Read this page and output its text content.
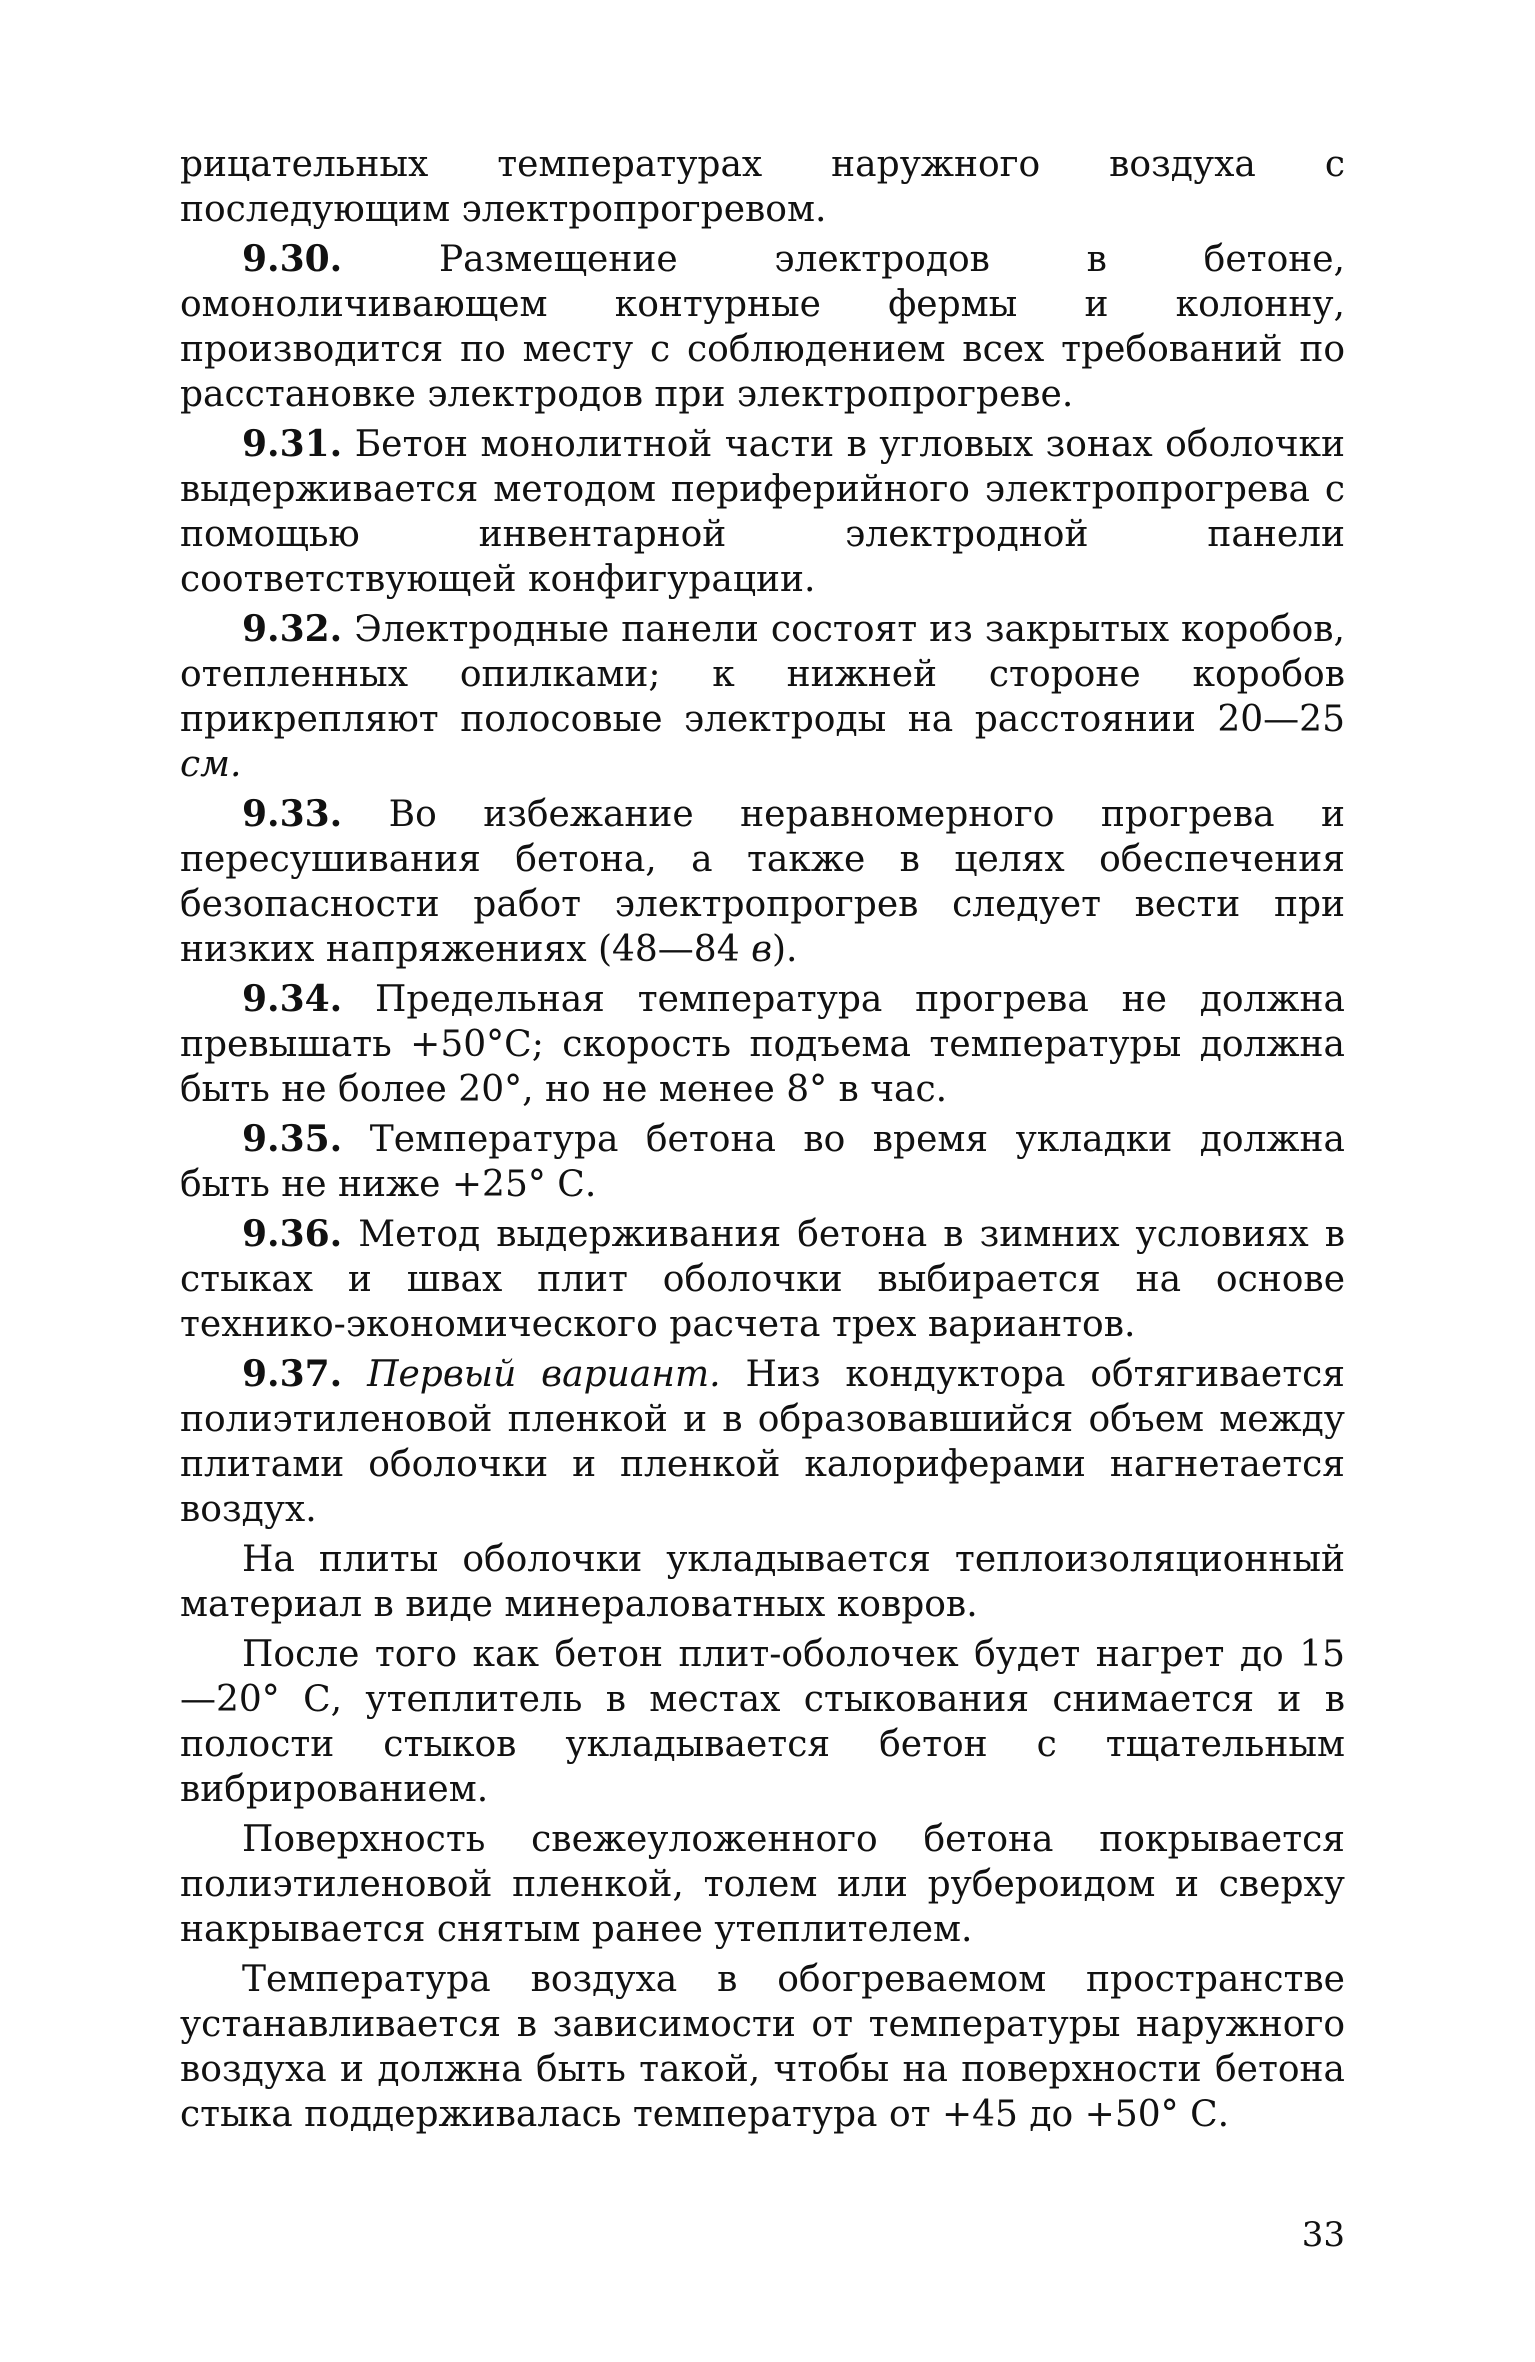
рицательных температурах наружного воздуха с последующим электропрогревом.

9.30.	Размещение электродов в бетоне, омоноличивающем контурные фермы и колонну, производится по месту с соблюдением всех требований по расстановке электродов при электропрогреве.

9.31. Бетон монолитной части в угловых зонах оболочки выдерживается методом периферийного электропрогрева с помощью инвентарной электродной панели соответствующей конфигурации.

9.32. Электродные панели состоят из закрытых коробов, отепленных опилками; к нижней стороне коробов прикрепляют полосовые электроды на расстоянии 20—25 см.

9.33. Во избежание неравномерного прогрева и пересушивания бетона, а также в целях обеспечения безопасности работ электропрогрев следует вести при низких напряжениях (48—84 в).

9.34. Предельная температура прогрева не должна превышать +50°С; скорость подъема температуры должна быть не более 20°, но не менее 8° в час.

9.35. Температура бетона во время укладки должна быть не ниже +25° С.

9.36. Метод выдерживания бетона в зимних условиях в стыках и швах плит оболочки выбирается на основе технико-экономического расчета трех вариантов.

9.37. Первый вариант. Низ кондуктора обтягивается полиэтиленовой пленкой и в образовавшийся объем между плитами оболочки и пленкой калориферами нагнетается воздух.

На плиты оболочки укладывается теплоизоляционный материал в виде минераловатных ковров.

После того как бетон плит-оболочек будет нагрет до 15—20° С, утеплитель в местах стыкования снимается и в полости стыков укладывается бетон с тщательным вибрированием.

Поверхность свежеуложенного бетона покрывается полиэтиленовой пленкой, толем или рубероидом и сверху накрывается снятым ранее утеплителем.

Температура воздуха в обогреваемом пространстве устанавливается в зависимости от температуры наружного воздуха и должна быть такой, чтобы на поверхности бетона стыка поддерживалась температура от +45 до +50° С.

33
